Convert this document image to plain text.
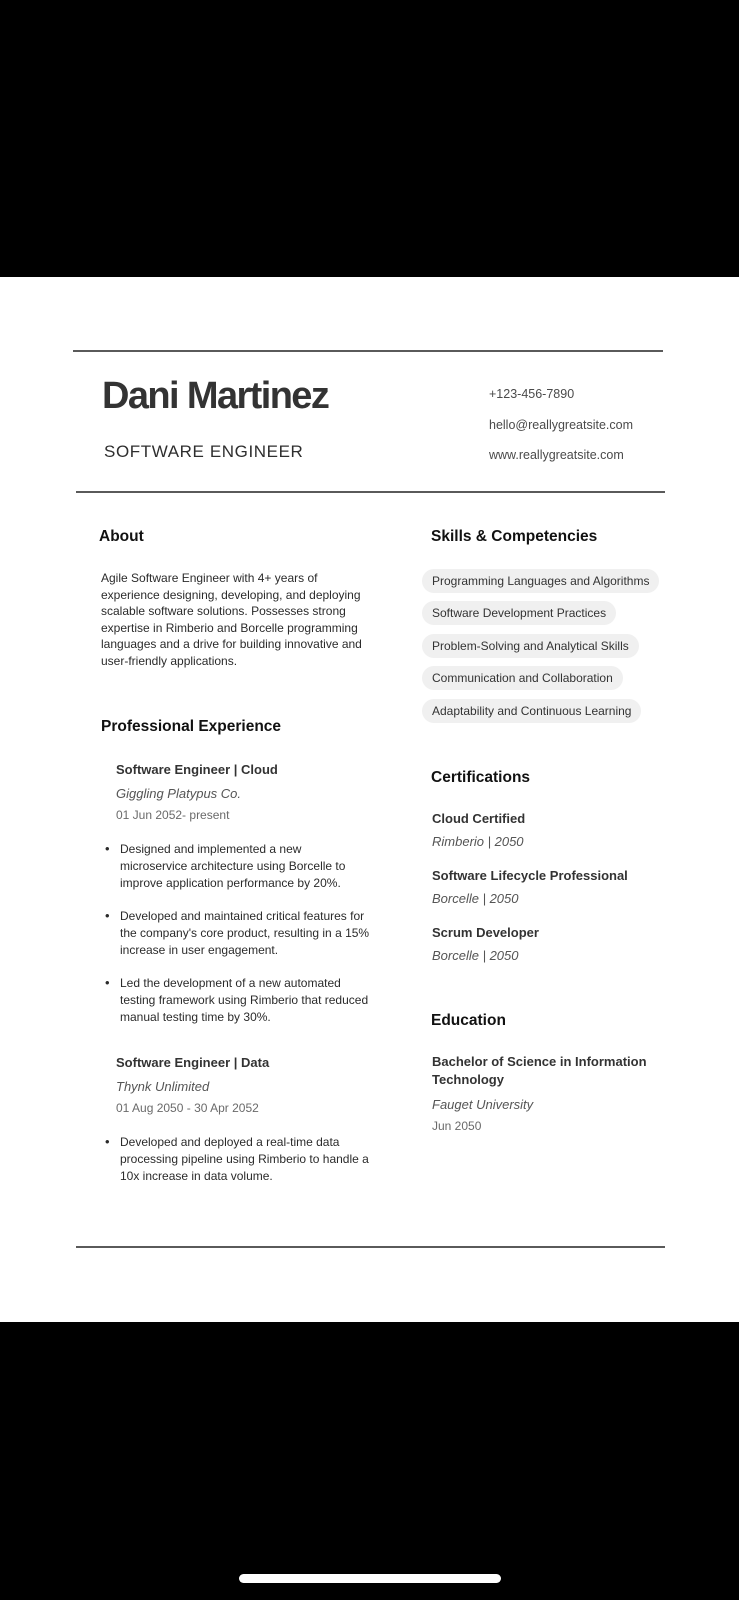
Dani Martinez
SOFTWARE ENGINEER
+123-456-7890
hello@reallygreatsite.com
www.reallygreatsite.com
About
Agile Software Engineer with 4+ years of
experience designing, developing, and deploying
scalable software solutions. Possesses strong
expertise in Rimberio and Borcelle programming
languages and a drive for building innovative and
user-friendly applications.
Professional Experience
Software Engineer | Cloud
Giggling Platypus Co.
01 Jun 2052- present
• Designed and implemented a new microservice architecture using Borcelle to improve application performance by 20%.
• Developed and maintained critical features for the company's core product, resulting in a 15% increase in user engagement.
• Led the development of a new automated testing framework using Rimberio that reduced manual testing time by 30%.
Software Engineer | Data
Thynk Unlimited
01 Aug 2050 - 30 Apr 2052
• Developed and deployed a real-time data processing pipeline using Rimberio to handle a 10x increase in data volume.
Skills & Competencies
Programming Languages and Algorithms
Software Development Practices
Problem-Solving and Analytical Skills
Communication and Collaboration
Adaptability and Continuous Learning
Certifications
Cloud Certified
Rimberio | 2050
Software Lifecycle Professional
Borcelle | 2050
Scrum Developer
Borcelle | 2050
Education
Bachelor of Science in Information
Technology
Fauget University
Jun 2050
